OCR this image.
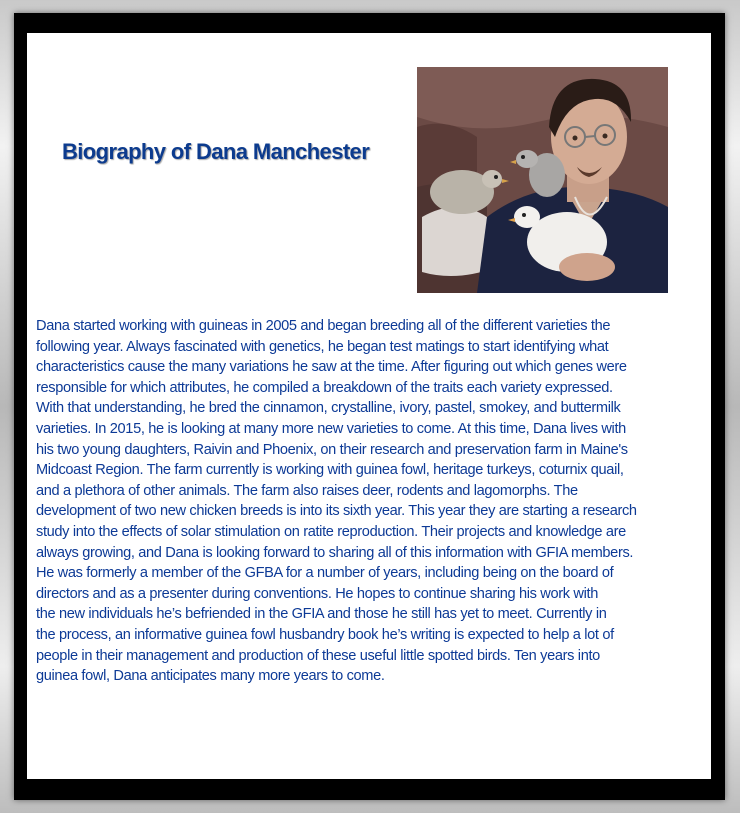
Biography of Dana Manchester
Dana started working with guineas in 2005 and began breeding all of the different varieties the
following year. Always fascinated with genetics, he began test matings to start identifying what
characteristics cause the many variations he saw at the time. After figuring out which genes were
responsible for which attributes, he compiled a breakdown of the traits each variety expressed.
With that understanding, he bred the cinnamon, crystalline, ivory, pastel, smokey, and buttermilk
varieties. In 2015, he is looking at many more new varieties to come. At this time, Dana lives with
his two young daughters, Raivin and Phoenix, on their research and preservation farm in Maine's
Midcoast Region. The farm currently is working with guinea fowl, heritage turkeys, coturnix quail,
and a plethora of other animals. The farm also raises deer, rodents and lagomorphs. The
development of two new chicken breeds is into its sixth year. This year they are starting a research
study into the effects of solar stimulation on ratite reproduction. Their projects and knowledge are
always growing, and Dana is looking forward to sharing all of this information with GFIA members.
He was formerly a member of the GFBA for a number of years, including being on the board of
directors and as a presenter during conventions. He hopes to continue sharing his work with
the new individuals he’s befriended in the GFIA and those he still has yet to meet. Currently in
the process, an informative guinea fowl husbandry book he’s writing is expected to help a lot of
people in their management and production of these useful little spotted birds. Ten years into
guinea fowl, Dana anticipates many more years to come.
